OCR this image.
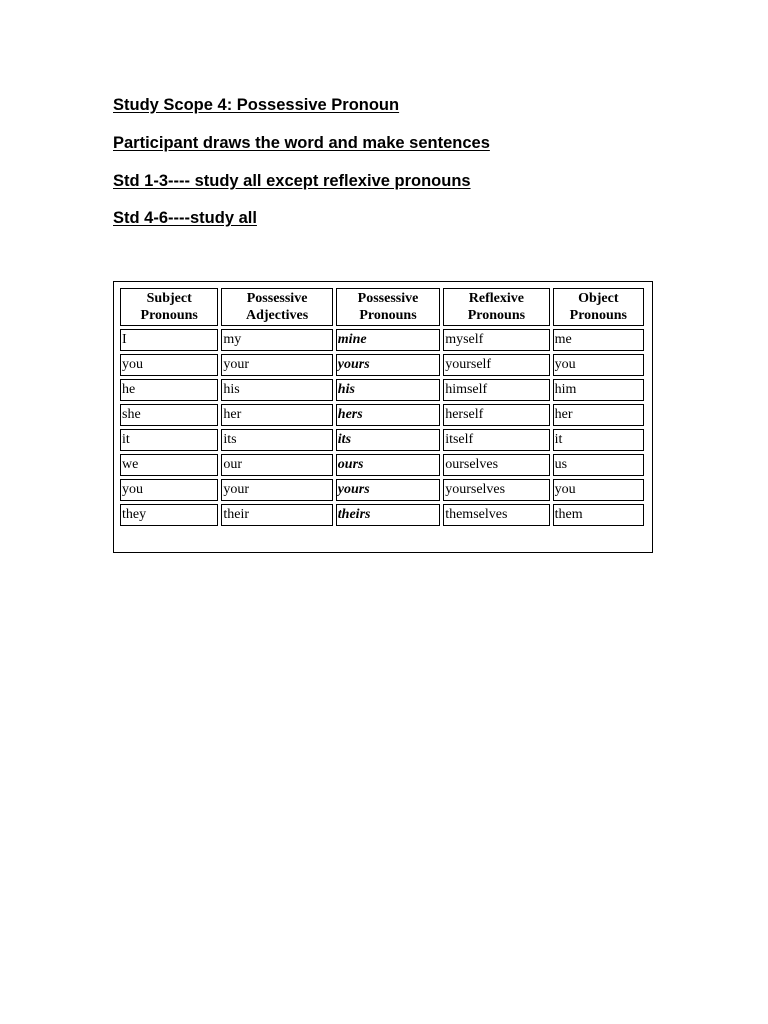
Study Scope 4: Possessive Pronoun
Participant draws the word and make sentences
Std 1-3---- study all except reflexive pronouns
Std 4-6----study all
Subject Pronouns	Possessive Adjectives	Possessive Pronouns	Reflexive Pronouns	Object Pronouns
I	my	mine	myself	me
you	your	yours	yourself	you
he	his	his	himself	him
she	her	hers	herself	her
it	its	its	itself	it
we	our	ours	ourselves	us
you	your	yours	yourselves	you
they	their	theirs	themselves	them
